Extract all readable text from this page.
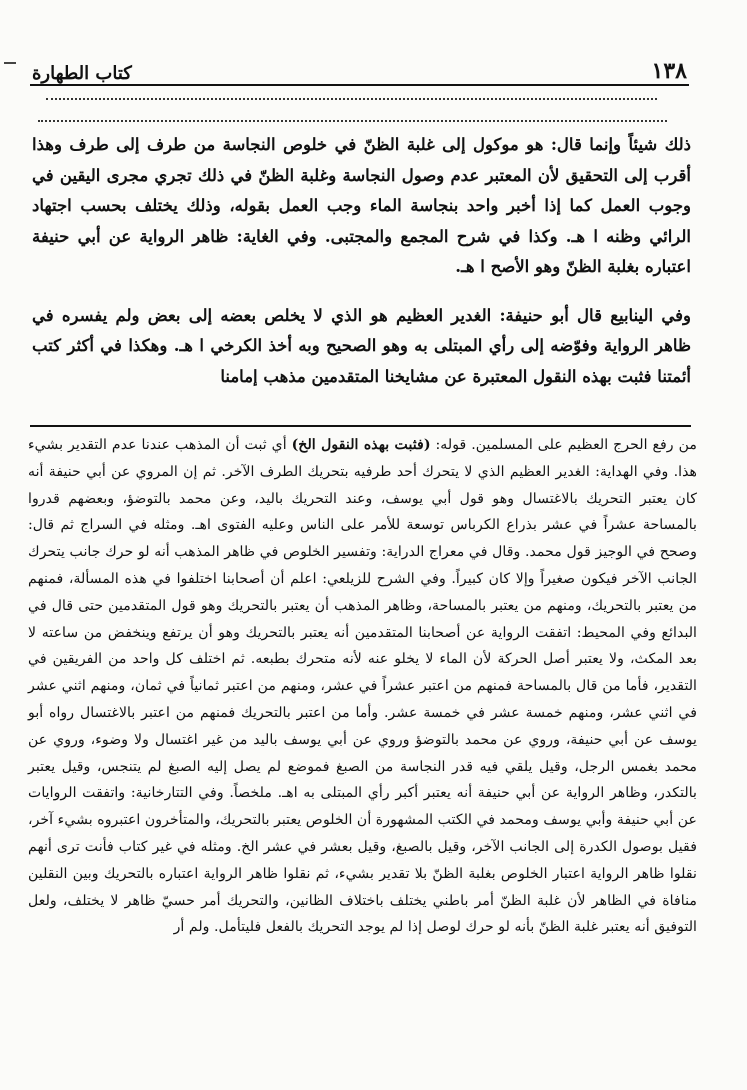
١٣٨
كتاب الطهارة

ذلك شيئاً وإنما قال: هو موكول إلى غلبة الظنّ في خلوص النجاسة من طرف إلى طرف وهذا أقرب إلى التحقيق لأن المعتبر عدم وصول النجاسة وغلبة الظنّ في ذلك تجري مجرى اليقين في وجوب العمل كما إذا أخبر واحد بنجاسة الماء وجب العمل بقوله، وذلك يختلف بحسب اجتهاد الرائي وظنه ا هـ. وكذا في شرح المجمع والمجتبى. وفي الغاية: ظاهر الرواية عن أبي حنيفة اعتباره بغلبة الظنّ وهو الأصح ا هـ.

وفي الينابيع قال أبو حنيفة: الغدير العظيم هو الذي لا يخلص بعضه إلى بعض ولم يفسره في ظاهر الرواية وفوّضه إلى رأي المبتلى به وهو الصحيح وبه أخذ الكرخي ا هـ. وهكذا في أكثر كتب أئمتنا فثبت بهذه النقول المعتبرة عن مشايخنا المتقدمين مذهب إمامنا

من رفع الحرج العظيم على المسلمين. قوله: (فثبت بهذه النقول الخ) أي ثبت أن المذهب عندنا عدم التقدير بشيء هذا. وفي الهداية: الغدير العظيم الذي لا يتحرك أحد طرفيه بتحريك الطرف الآخر. ثم إن المروي عن أبي حنيفة أنه كان يعتبر التحريك بالاغتسال وهو قول أبي يوسف، وعند التحريك باليد، وعن محمد بالتوضؤ، وبعضهم قدروا بالمساحة عشراً في عشر بذراع الكرباس توسعة للأمر على الناس وعليه الفتوى اهـ. ومثله في السراج ثم قال: وصحح في الوجيز قول محمد. وقال في معراج الدراية: وتفسير الخلوص في ظاهر المذهب أنه لو حرك جانب يتحرك الجانب الآخر فيكون صغيراً وإلا كان كبيراً. وفي الشرح للزيلعي: اعلم أن أصحابنا اختلفوا في هذه المسألة، فمنهم من يعتبر بالتحريك، ومنهم من يعتبر بالمساحة، وظاهر المذهب أن يعتبر بالتحريك وهو قول المتقدمين حتى قال في البدائع وفي المحيط: اتفقت الرواية عن أصحابنا المتقدمين أنه يعتبر بالتحريك وهو أن يرتفع وينخفض من ساعته لا بعد المكث، ولا يعتبر أصل الحركة لأن الماء لا يخلو عنه لأنه متحرك بطبعه. ثم اختلف كل واحد من الفريقين في التقدير، فأما من قال بالمساحة فمنهم من اعتبر عشراً في عشر، ومنهم من اعتبر ثمانياً في ثمان، ومنهم اثني عشر في اثني عشر، ومنهم خمسة عشر في خمسة عشر. وأما من اعتبر بالتحريك فمنهم من اعتبر بالاغتسال رواه أبو يوسف عن أبي حنيفة، وروي عن محمد بالتوضؤ وروي عن أبي يوسف باليد من غير اغتسال ولا وضوء، وروي عن محمد بغمس الرجل، وقيل يلقي فيه قدر النجاسة من الصبغ فموضع لم يصل إليه الصبغ لم يتنجس، وقيل يعتبر بالتكدر، وظاهر الرواية عن أبي حنيفة أنه يعتبر أكبر رأي المبتلى به اهـ. ملخصاً. وفي التتارخانية: واتفقت الروايات عن أبي حنيفة وأبي يوسف ومحمد في الكتب المشهورة أن الخلوص يعتبر بالتحريك، والمتأخرون اعتبروه بشيء آخر، فقيل بوصول الكدرة إلى الجانب الآخر، وقيل بالصبغ، وقيل بعشر في عشر الخ. ومثله في غير كتاب فأنت ترى أنهم نقلوا ظاهر الرواية اعتبار الخلوص بغلبة الظنّ بلا تقدير بشيء، ثم نقلوا ظاهر الرواية اعتباره بالتحريك وبين النقلين منافاة في الظاهر لأن غلبة الظنّ أمر باطني يختلف باختلاف الظانين، والتحريك أمر حسيّ ظاهر لا يختلف، ولعل التوفيق أنه يعتبر غلبة الظنّ بأنه لو حرك لوصل إذا لم يوجد التحريك بالفعل فليتأمل. ولم أر
